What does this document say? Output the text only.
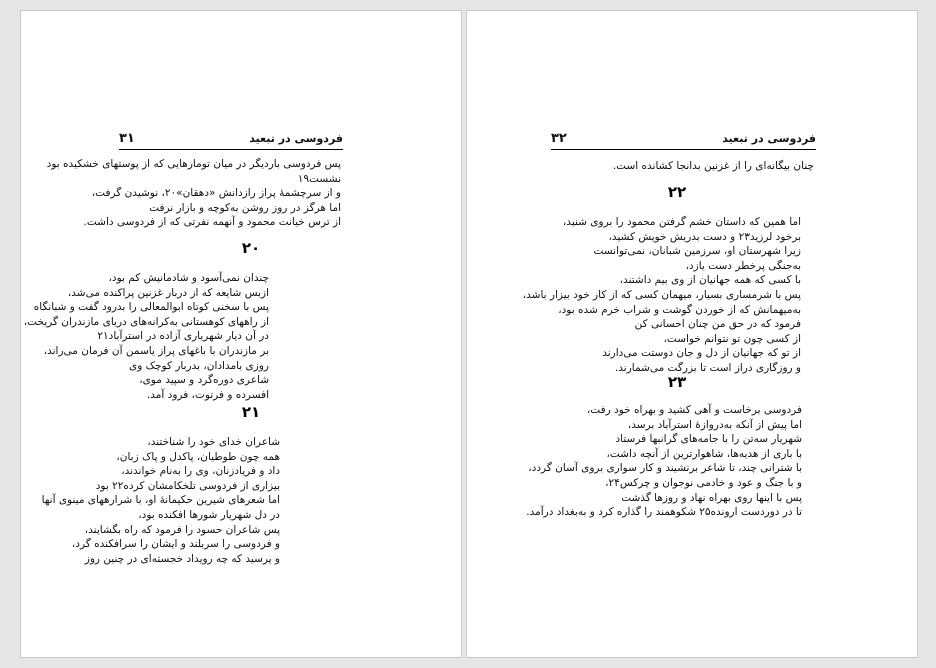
فردوسی در تبعید
۳۱

پس فردوسی باردیگر در میان تومارهایی که از پوستهای خشکیده بود

نشست۱۹

و از سرچشمهٔ پراز رازدانش «دهقان»۲۰، نوشیدن گرفت،

اما هرگز در روز روشن به‌کوچه و بازار نرفت

از ترس خیانت محمود و آنهمه نفرتی که از فردوسی داشت.

۲۰

چندان نمی‌آسود و شادمانیش کم بود،

ازبس شایعه که از دربار غزنین پراکنده می‌شد،

پس با سخنی کوتاه ابوالمعالی را بدرود گفت و شبانگاه

از راههای کوهستانی به‌کرانه‌های دریای مازندران گریخت،

در آن دیار شهریاری آزاده در استرآباد۲۱

بر مازندران با باغهای پراز یاسمن آن فرمان می‌راند،

روزی بامدادان، بدربار کوچک وی

شاعری دوره‌گرد و سپید موی،

افسرده و فرتوت، فرود آمد.

۲۱

شاعران خدای خود را شناختند،

همه چون طوطیان، پاکدل و پاک زبان،

داد و فریادزنان، وی را به‌نام خواندند،

بیزاری از فردوسی تلخکامشان کرده۲۲ بود

اما شعرهای شیرین حکیمانهٔ او، با شرارههای مینوی آنها

در دل شهریار شورها افکنده بود،

پس شاعران حسود را فرمود که راه بگشایند،

و فردوسی را سربلند و ایشان را سرافکنده گرد،

و پرسید که چه رویداد خجسته‌ای در چنین روز

فردوسی در تبعید
۳۲

چنان بیگانه‌ای را از غزنین بدانجا کشانده است.

۲۲

اما همین که داستان خشم گرفتن محمود را بروی شنید،

برخود لرزید۲۳ و دست بدریش خویش کشید،

زیرا شهرستان او، سرزمین شبانان، نمی‌توانست

به‌جنگی پرخطر دست یازد،

با کسی که همه جهانیان از وی بیم داشتند،

پس با شرمساری بسیار، میهمان کسی که از کار خود بیزار باشد،

به‌میهمانش که از خوردن گوشت و شراب خرم شده بود،

فرمود که در حق من چنان احسانی کن

از کسی چون تو نتوانم خواست،

از تو که جهانیان از دل و جان دوستت می‌دارند

و روزگاری دراز است تا بزرگت می‌شمارند.

۲۳

فردوسی برخاست و آهی کشید و بهراه خود رفت،

اما پیش از آنکه به‌دروازهٔ استرآباد برسد،

شهریار سه‌تن را با جامه‌های گرانبها فرستاد

با باری از هدیه‌ها، شاهوارترین از آنچه داشت،

با شترانی چند، تا شاعر برنشیند و کار سواری بروی آسان گردد،

و با جنگ و عود و خادمی نوجوان و چرکس۲۴،

پس با اینها روی بهراه نهاد و روزها گذشت

تا در دوردست ارونده۲۵ شکوهمند را گذاره کرد و به‌بغداد درآمد.
